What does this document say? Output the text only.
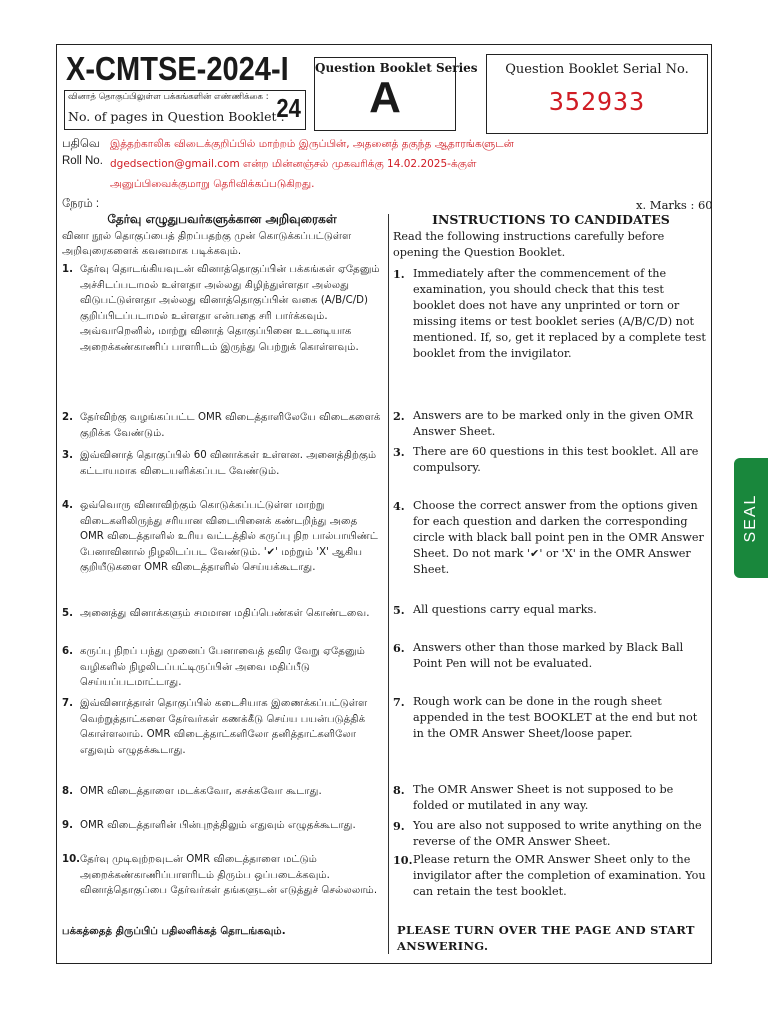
X-CMTSE-2024-I
வினாத் தொகுப்பிலுள்ள பக்கங்களின் எண்ணிக்கை :
No. of pages in Question Booklet :
24
Question Booklet Series
A
Question Booklet Serial No.
352933
பதிவெ
Roll No.
நேரம் :	x. Marks : 60
இத்தற்காலிக விடைக்குறிப்பில் மாற்றம் இருப்பின், அதனைத் தகுந்த ஆதாரங்களுடன்
dgedsection@gmail.com என்ற மின்னஞ்சல் முகவரிக்கு 14.02.2025-க்குள்
அனுப்பிவைக்குமாறு தெரிவிக்கப்படுகிறது.
தேர்வு எழுதுபவர்களுக்கான அறிவுரைகள்
வினா நூல் தொகுப்பைத் திறப்பதற்கு முன் கொடுக்கப்பட்டுள்ள அறிவுரைகளைக் கவனமாக படிக்கவும்.
1. தேர்வு தொடங்கியவுடன் வினாத்தொகுப்பின் பக்கங்கள் ஏதேனும் அச்சிடப்படாமல் உள்ளதா அல்லது கிழிந்துள்ளதா அல்லது விடுபட்டுள்ளதா அல்லது வினாத்தொகுப்பின் வகை (A/B/C/D) குறிப்பிடப்படாமல் உள்ளதா என்பதை சரி பார்க்கவும். அவ்வாறெனில், மாற்று வினாத் தொகுப்பினை உடனடியாக அறைக்கண்காணிப் பாளரிடம் இருந்து பெற்றுக் கொள்ளவும்.
2. தேர்விற்கு வழங்கப்பட்ட OMR விடைத்தாளிலேயே விடைகளைக் குறிக்க வேண்டும்.
3. இவ்வினாத் தொகுப்பில் 60 வினாக்கள் உள்ளன. அனைத்திற்கும் கட்டாயமாக விடையளிக்கப்பட வேண்டும்.
4. ஒவ்வொரு வினாவிற்கும் கொடுக்கப்பட்டுள்ள மாற்று விடைகளிலிருந்து சரியான விடையினைக் கண்டறிந்து அதை OMR விடைத்தாளில் உரிய வட்டத்தில் கருப்பு நிற பால்பாயிண்ட் பேனாவினால் நிழலிடப்பட வேண்டும். '✔' மற்றும் 'X' ஆகிய குறியீடுகளை OMR விடைத்தாளில் செய்யக்கூடாது.
5. அனைத்து வினாக்களும் சமமான மதிப்பெண்கள் கொண்டவை.
6. கருப்பு நிறப் பந்து முனைப் பேனாவைத் தவிர வேறு ஏதேனும் வழிகளில் நிழலிடப்பட்டிருப்பின் அவை மதிப்பீடு செய்யப்படமாட்டாது.
7. இவ்வினாத்தாள் தொகுப்பில் கடைசியாக இணைக்கப்பட்டுள்ள வெற்றுத்தாட்களை தேர்வர்கள் கணக்கீடு செய்ய பயன்படுத்திக் கொள்ளலாம். OMR விடைத்தாட்களிலோ தனித்தாட்களிலோ எதுவும் எழுதக்கூடாது.
8. OMR விடைத்தாளை மடக்கவோ, கசக்கவோ கூடாது.
9. OMR விடைத்தாளின் பின்புறத்திலும் எதுவும் எழுதக்கூடாது.
10. தேர்வு முடிவுற்றவுடன் OMR விடைத்தாளை மட்டும் அறைக்கண்காணிப்பாளரிடம் திரும்ப ஒப்படைக்கவும். வினாத்தொகுப்பை தேர்வர்கள் தங்களுடன் எடுத்துச் செல்லலாம்.
பக்கத்தைத் திருப்பிப் பதிலளிக்கத் தொடங்கவும்.
INSTRUCTIONS TO CANDIDATES
Read the following instructions carefully before opening the Question Booklet.
1. Immediately after the commencement of the examination, you should check that this test booklet does not have any unprinted or torn or missing items or test booklet series (A/B/C/D) not mentioned. If, so, get it replaced by a complete test booklet from the invigilator.
2. Answers are to be marked only in the given OMR Answer Sheet.
3. There are 60 questions in this test booklet. All are compulsory.
4. Choose the correct answer from the options given for each question and darken the corresponding circle with black ball point pen in the OMR Answer Sheet. Do not mark '✔' or 'X' in the OMR Answer Sheet.
5. All questions carry equal marks.
6. Answers other than those marked by Black Ball Point Pen will not be evaluated.
7. Rough work can be done in the rough sheet appended in the test BOOKLET at the end but not in the OMR Answer Sheet/loose paper.
8. The OMR Answer Sheet is not supposed to be folded or mutilated in any way.
9. You are also not supposed to write anything on the reverse of the OMR Answer Sheet.
10. Please return the OMR Answer Sheet only to the invigilator after the completion of examination. You can retain the test booklet.
PLEASE TURN OVER THE PAGE AND START ANSWERING.
SEAL
